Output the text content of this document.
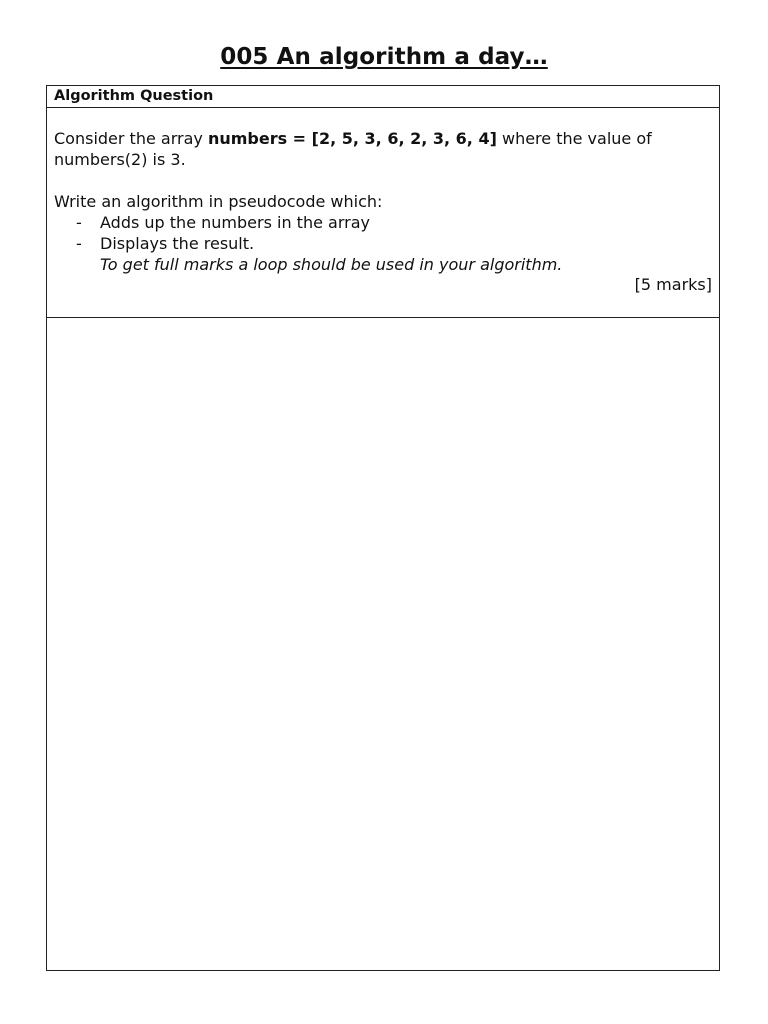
005 An algorithm a day…
Algorithm Question
Consider the array numbers = [2, 5, 3, 6, 2, 3, 6, 4] where the value of
numbers(2) is 3.
Write an algorithm in pseudocode which:
- Adds up the numbers in the array
- Displays the result.
To get full marks a loop should be used in your algorithm.
[5 marks]
